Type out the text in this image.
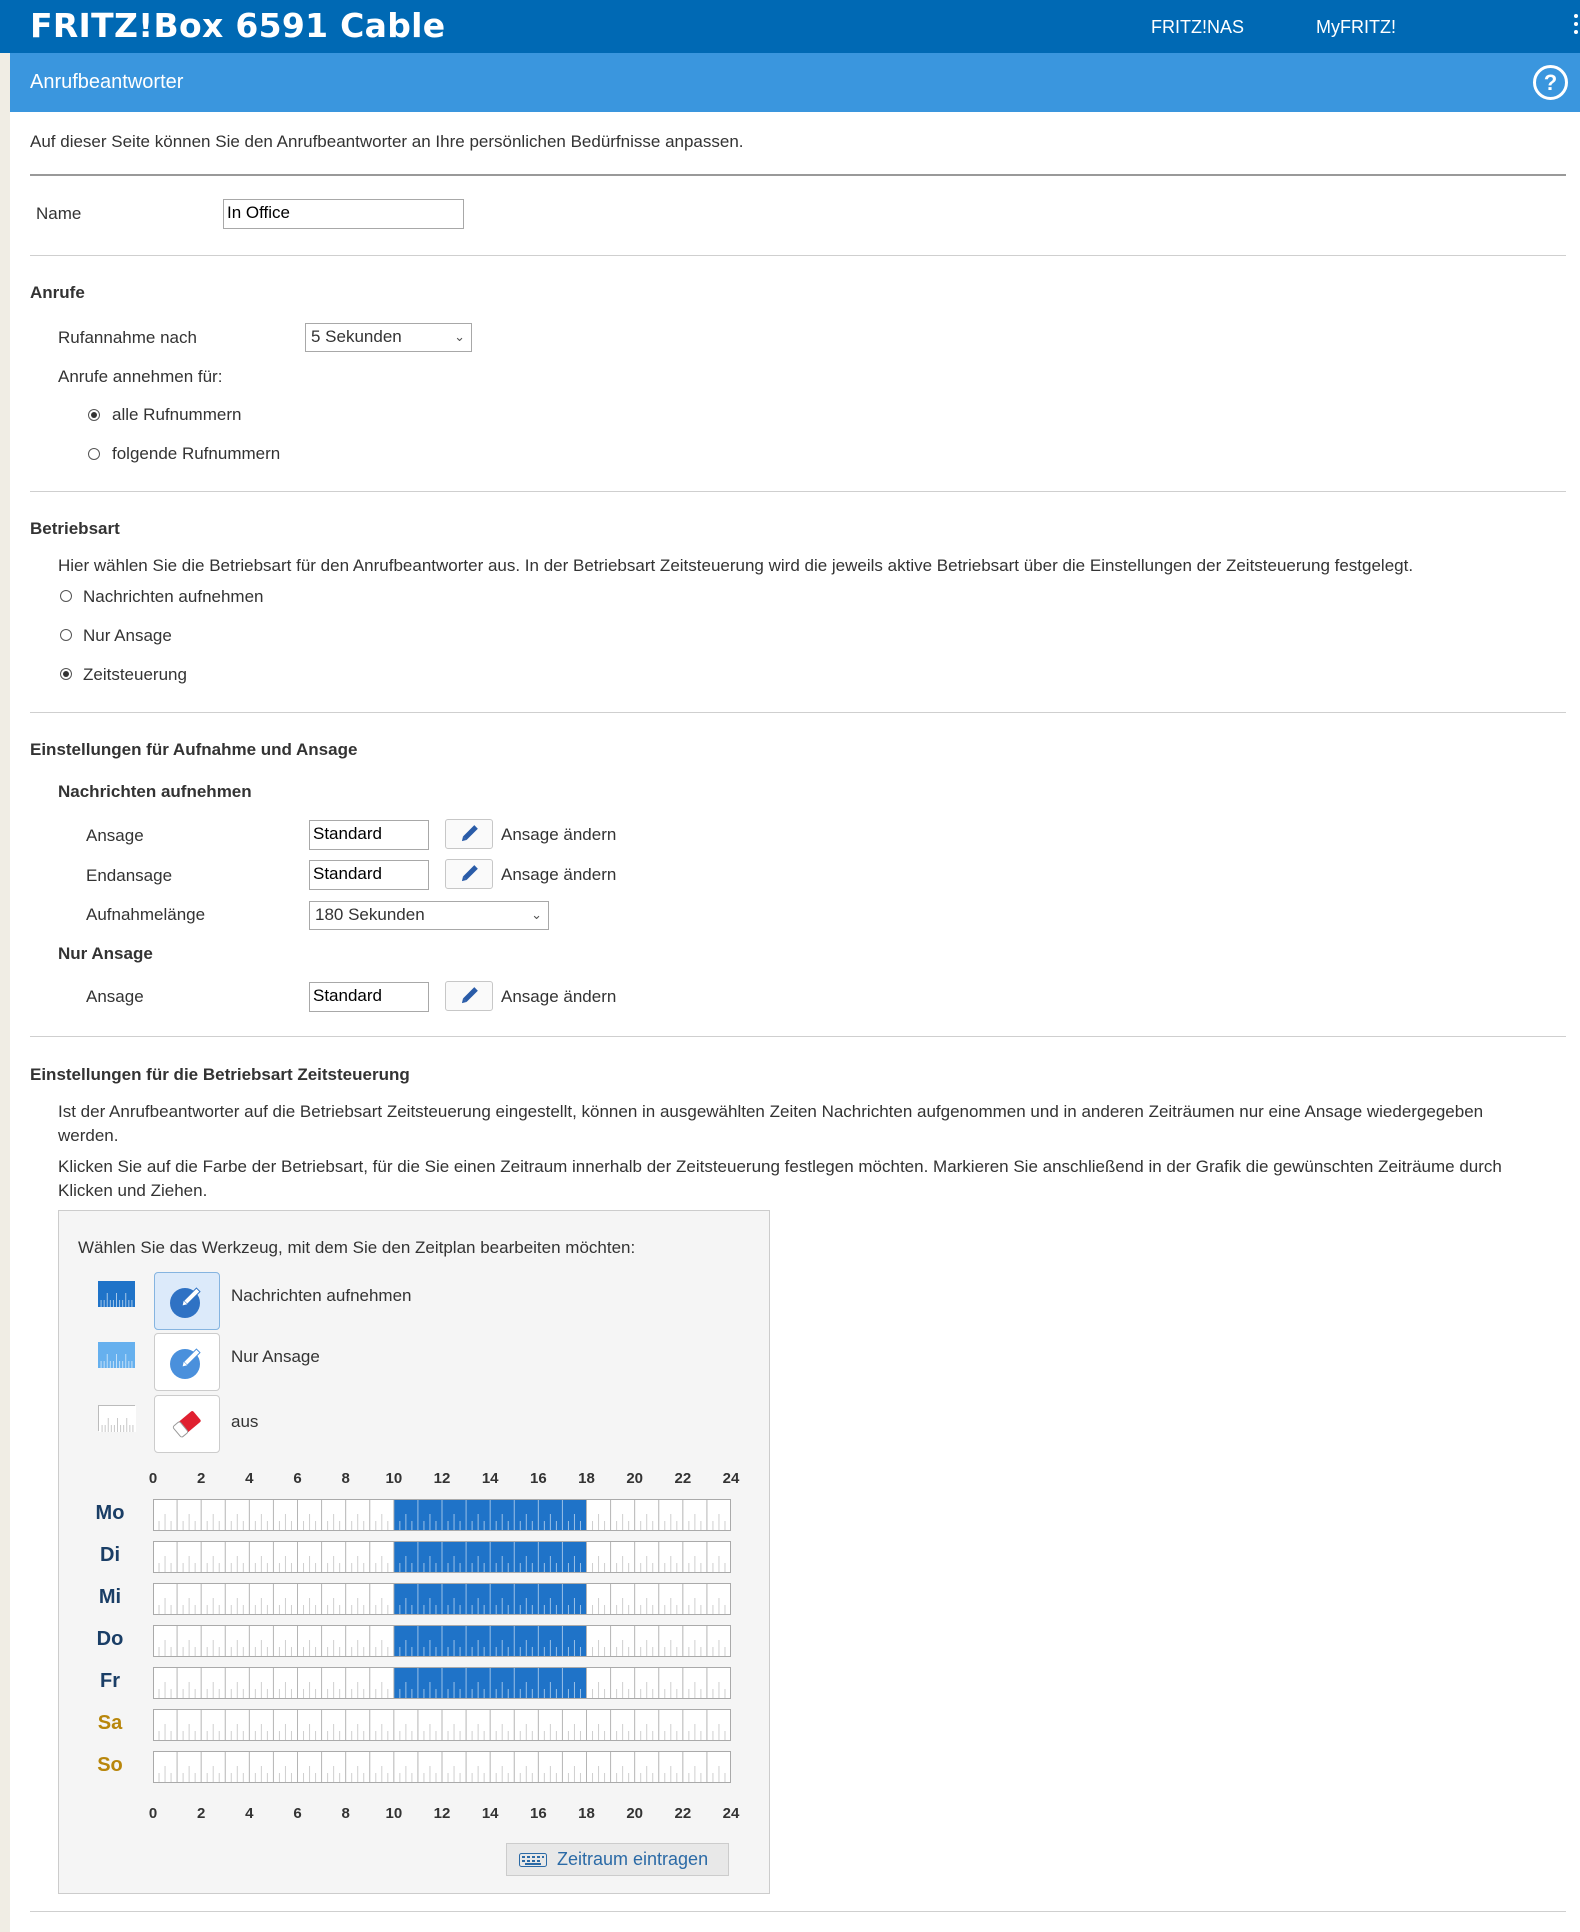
FRITZ!Box 6591 Cable	FRITZ!NAS	MyFRITZ!
Anrufbeantworter	?
Auf dieser Seite können Sie den Anrufbeantworter an Ihre persönlichen Bedürfnisse anpassen.
Name	In Office
Anrufe
Rufannahme nach	5 Sekunden	⌄
Anrufe annehmen für:
alle Rufnummern
folgende Rufnummern
Betriebsart
Hier wählen Sie die Betriebsart für den Anrufbeantworter aus. In der Betriebsart Zeitsteuerung wird die jeweils aktive Betriebsart über die Einstellungen der Zeitsteuerung festgelegt.
Nachrichten aufnehmen
Nur Ansage
Zeitsteuerung
Einstellungen für Aufnahme und Ansage
Nachrichten aufnehmen
Ansage	Standard	Ansage ändern
Endansage	Standard	Ansage ändern
Aufnahmelänge	180 Sekunden	⌄
Nur Ansage
Ansage	Standard	Ansage ändern
Einstellungen für die Betriebsart Zeitsteuerung
Ist der Anrufbeantworter auf die Betriebsart Zeitsteuerung eingestellt, können in ausgewählten Zeiten Nachrichten aufgenommen und in anderen Zeiträumen nur eine Ansage wiedergegeben werden.
Klicken Sie auf die Farbe der Betriebsart, für die Sie einen Zeitraum innerhalb der Zeitsteuerung festlegen möchten. Markieren Sie anschließend in der Grafik die gewünschten Zeiträume durch Klicken und Ziehen.
Wählen Sie das Werkzeug, mit dem Sie den Zeitplan bearbeiten möchten:
Nachrichten aufnehmen
Nur Ansage
aus
0	2	4	6	8	10	12	14	16	18	20	22	24
Mo
Di
Mi
Do
Fr
Sa
So
0	2	4	6	8	10	12	14	16	18	20	22	24
Zeitraum eintragen
